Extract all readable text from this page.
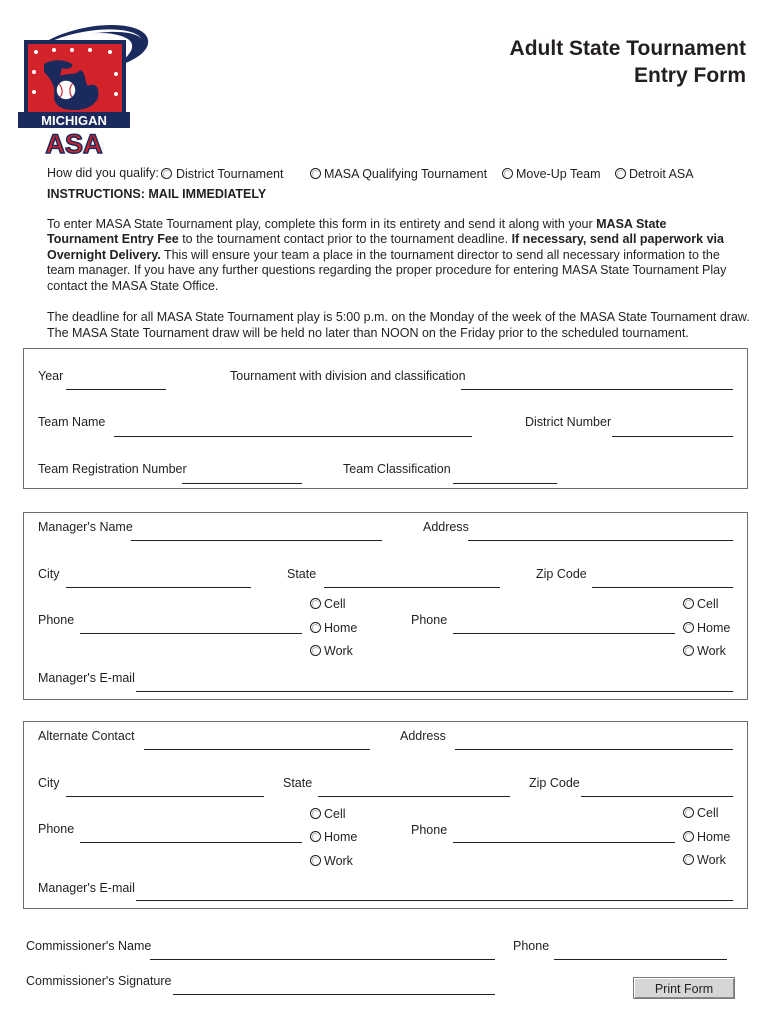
MICHIGAN
ASA
Adult State Tournament
Entry Form
How did you qualify: District Tournament	MASA Qualifying Tournament Move-Up Team Detroit ASA
INSTRUCTIONS: MAIL IMMEDIATELY
To enter MASA State Tournament play, complete this form in its entirety and send it along with your MASA State Tournament Entry Fee to the tournament contact prior to the tournament deadline. If necessary, send all paperwork via Overnight Delivery. This will ensure your team a place in the tournament director to send all necessary information to the team manager. If you have any further questions regarding the proper procedure for entering MASA State Tournament Play contact the MASA State Office.
The deadline for all MASA State Tournament play is 5:00 p.m. on the Monday of the week of the MASA State Tournament draw.
The MASA State Tournament draw will be held no later than NOON on the Friday prior to the scheduled tournament.
Year	Tournament with division and classification
Team Name	District Number
Team Registration Number	Team Classification
Manager's Name	Address
City	State	Zip Code
Phone
Cell
Home
Work
Phone
Cell
Home
Work
Manager's E-mail
Alternate Contact	Address
City	State	Zip Code
Phone
Cell
Home
Work
Phone
Cell
Home
Work
Manager's E-mail
Commissioner's Name	Phone
Commissioner's Signature
Print Form
